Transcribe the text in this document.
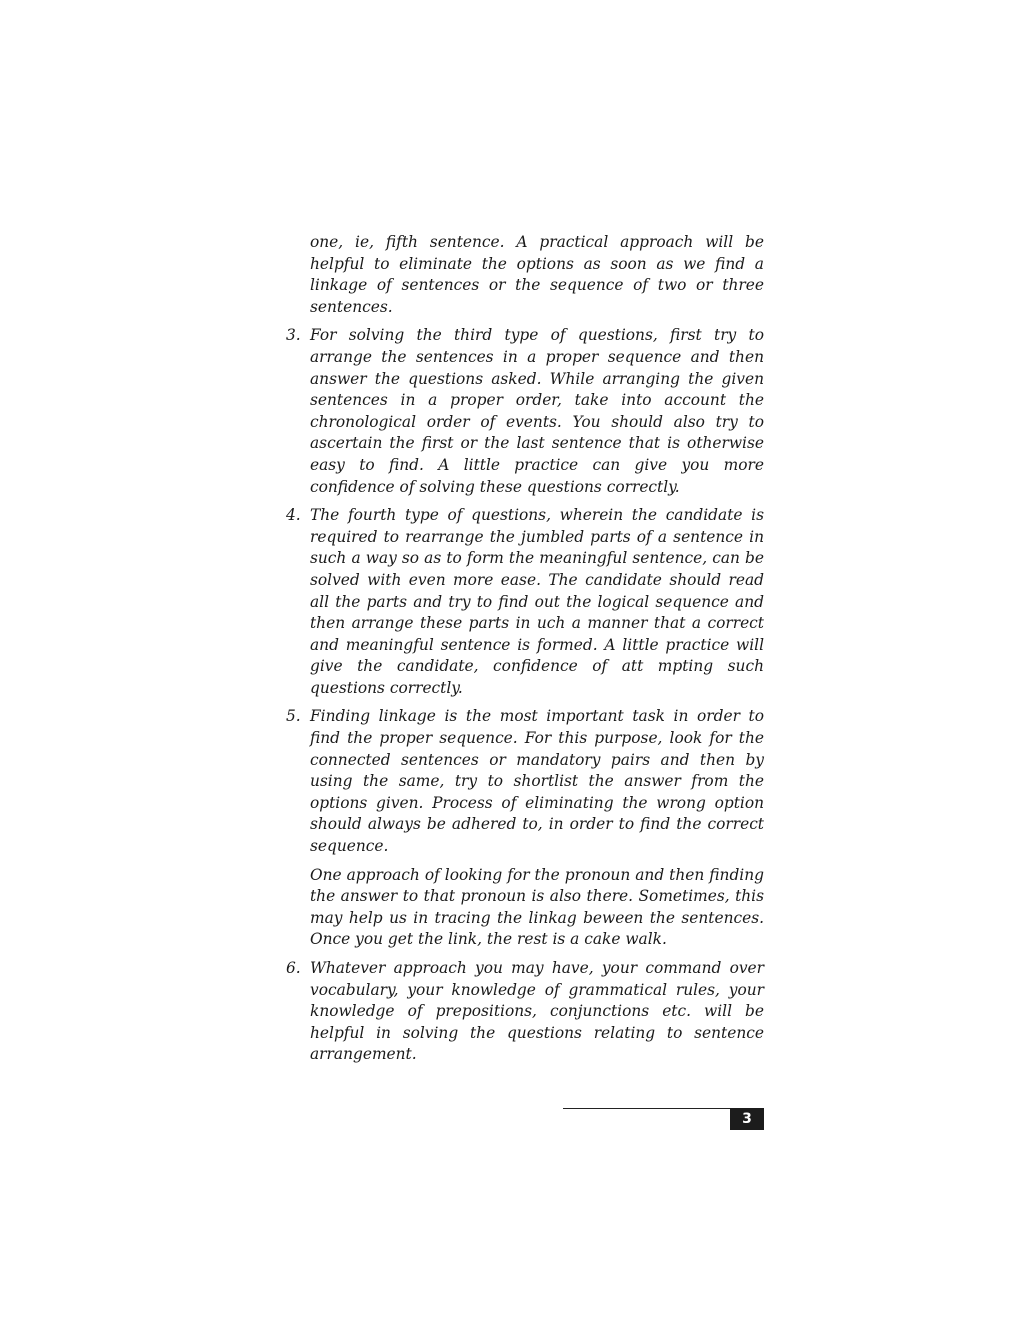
one, ie, fifth sentence. A practical approach will be helpful to eliminate the options as soon as we find a linkage of sentences or the sequence of two or three sentences.

3. For solving the third type of questions, first try to arrange the sentences in a proper sequence and then answer the questions asked. While arranging the given sentences in a proper order, take into account the chronological order of events. You should also try to ascertain the first or the last sentence that is otherwise easy to find. A little practice can give you more confidence of solving these questions correctly.

4. The fourth type of questions, wherein the candidate is required to rearrange the jumbled parts of a sentence in such a way so as to form the meaningful sentence, can be solved with even more ease. The candidate should read all the parts and try to find out the logical sequence and then arrange these parts in uch a manner that a correct and meaningful sentence is formed. A little practice will give the candidate, confidence of att mpting such questions correctly.

5. Finding linkage is the most important task in order to find the proper sequence. For this purpose, look for the connected sentences or mandatory pairs and then by using the same, try to shortlist the answer from the options given. Process of eliminating the wrong option should always be adhered to, in order to find the correct sequence.

One approach of looking for the pronoun and then finding the answer to that pronoun is also there. Sometimes, this may help us in tracing the linkag beween the sentences. Once you get the link, the rest is a cake walk.

6. Whatever approach you may have, your command over vocabulary, your knowledge of grammatical rules, your knowledge of prepositions, conjunctions etc. will be helpful in solving the questions relating to sentence arrangement.

3
